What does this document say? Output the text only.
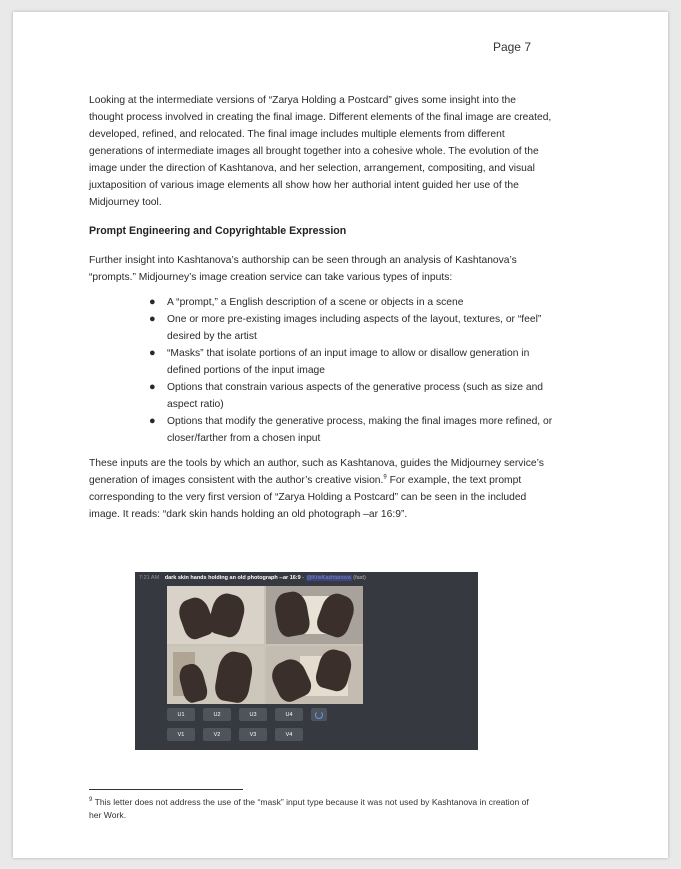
Page 7

Looking at the intermediate versions of “Zarya Holding a Postcard” gives some insight into the thought process involved in creating the final image. Different elements of the final image are created, developed, refined, and relocated. The final image includes multiple elements from different generations of intermediate images all brought together into a cohesive whole. The evolution of the image under the direction of Kashtanova, and her selection, arrangement, compositing, and visual juxtaposition of various image elements all show how her authorial intent guided her use of the Midjourney tool.

Prompt Engineering and Copyrightable Expression

Further insight into Kashtanova’s authorship can be seen through an analysis of Kashtanova’s “prompts.” Midjourney’s image creation service can take various types of inputs:

● A “prompt,” a English description of a scene or objects in a scene
● One or more pre-existing images including aspects of the layout, textures, or “feel” desired by the artist
● “Masks” that isolate portions of an input image to allow or disallow generation in defined portions of the input image
● Options that constrain various aspects of the generative process (such as size and aspect ratio)
● Options that modify the generative process, making the final images more refined, or closer/farther from a chosen input

These inputs are the tools by which an author, such as Kashtanova, guides the Midjourney service’s generation of images consistent with the author’s creative vision.$^9$ For example, the text prompt corresponding to the very first version of “Zarya Holding a Postcard” can be seen in the included image. It reads: “dark skin hands holding an old photograph –ar 16:9”.

7:21 AM dark skin hands holding an old photograph --ar 16:9 - @KrisKashtanova (fast)
U1	U2	U3	U4
V1	V2	V3	V4
$^9$ This letter does not address the use of the “mask” input type because it was not used by Kashtanova in creation of her Work.
